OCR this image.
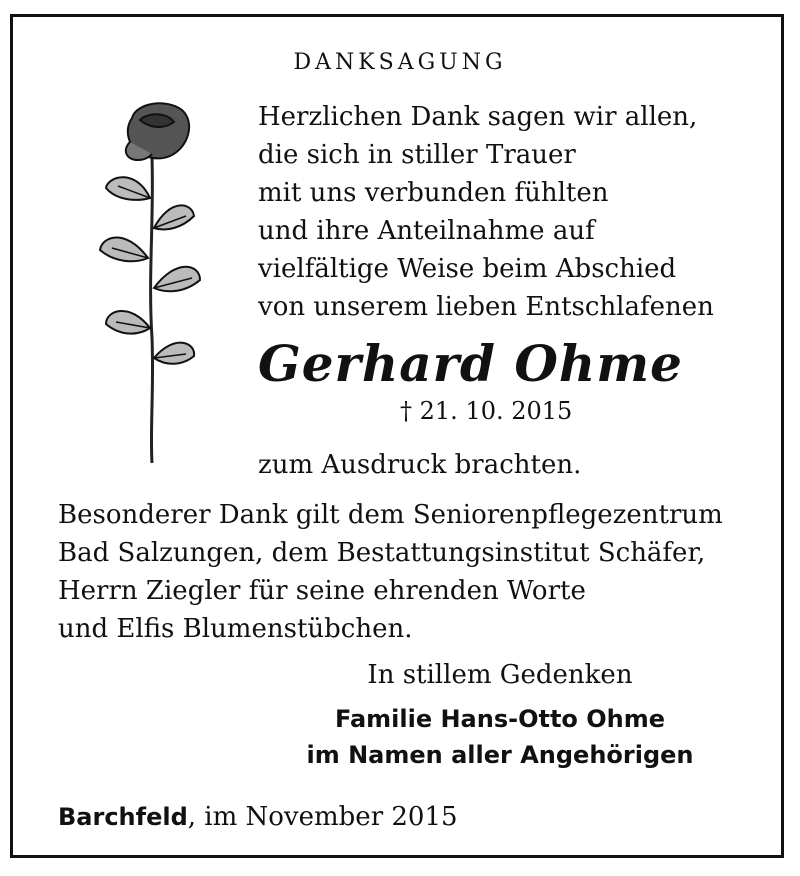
DANKSAGUNG
Herzlichen Dank sagen wir allen,
die sich in stiller Trauer
mit uns verbunden fühlten
und ihre Anteilnahme auf
vielfältige Weise beim Abschied
von unserem lieben Entschlafenen
Gerhard Ohme
† 21. 10. 2015
zum Ausdruck brachten.
Besonderer Dank gilt dem Seniorenpflegezentrum
Bad Salzungen, dem Bestattungsinstitut Schäfer,
Herrn Ziegler für seine ehrenden Worte
und Elfis Blumenstübchen.
In stillem Gedenken
Familie Hans-Otto Ohme
im Namen aller Angehörigen
Barchfeld, im November 2015
